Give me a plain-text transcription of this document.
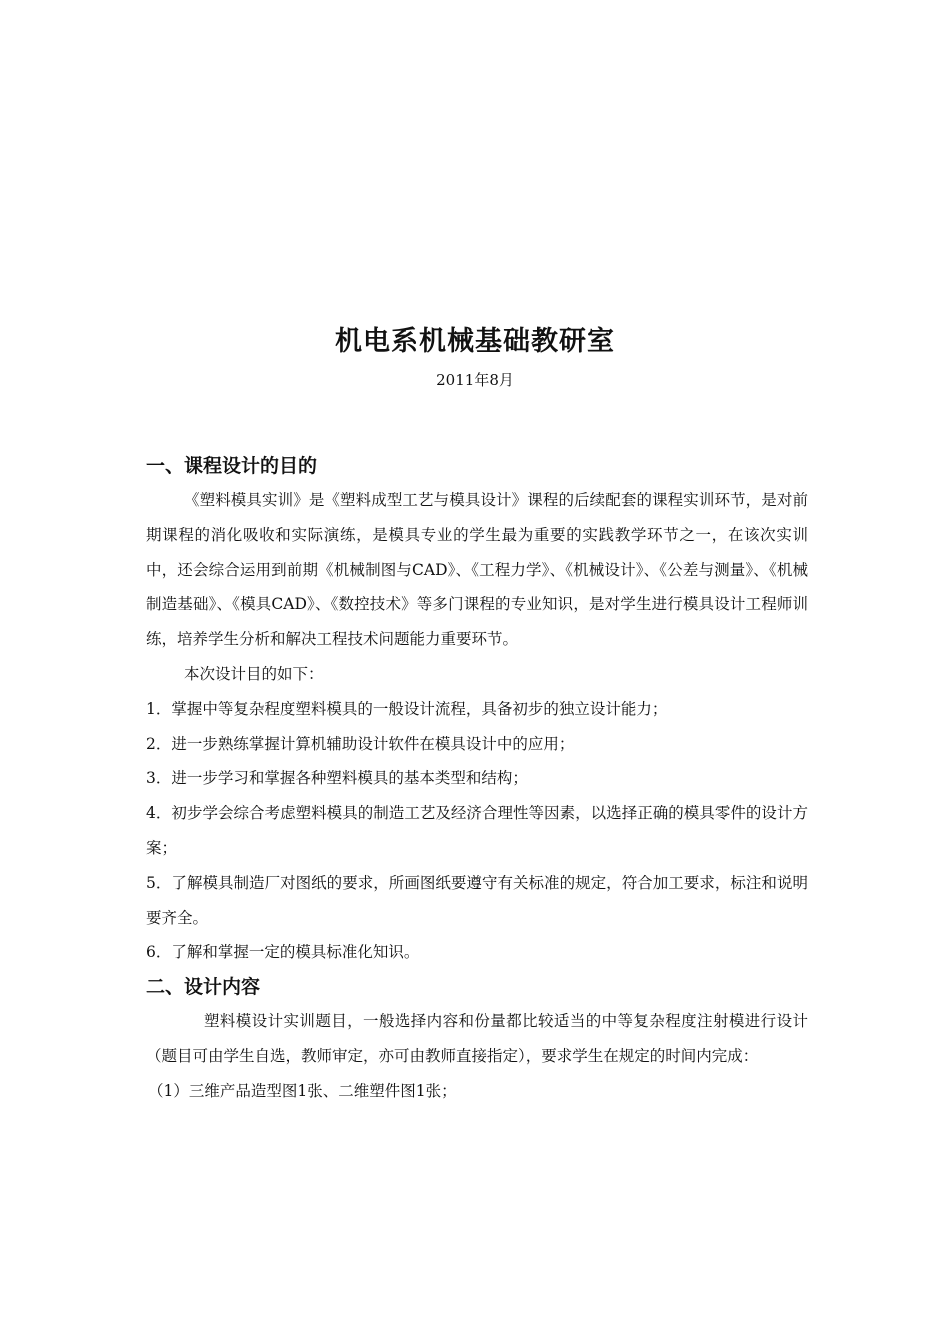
机电系机械基础教研室
2011年8月
一、课程设计的目的

《塑料模具实训》是《塑料成型工艺与模具设计》课程的后续配套的课程实训环节，是对前期课程的消化吸收和实际演练，是模具专业的学生最为重要的实践教学环节之一，在该次实训中，还会综合运用到前期《机械制图与CAD》、《工程力学》、《机械设计》、《公差与测量》、《机械制造基础》、《模具CAD》、《数控技术》等多门课程的专业知识，是对学生进行模具设计工程师训练，培养学生分析和解决工程技术问题能力重要环节。

本次设计目的如下：

1．掌握中等复杂程度塑料模具的一般设计流程，具备初步的独立设计能力；

2．进一步熟练掌握计算机辅助设计软件在模具设计中的应用；

3．进一步学习和掌握各种塑料模具的基本类型和结构；

4．初步学会综合考虑塑料模具的制造工艺及经济合理性等因素，以选择正确的模具零件的设计方案；

5．了解模具制造厂对图纸的要求，所画图纸要遵守有关标准的规定，符合加工要求，标注和说明要齐全。

6．了解和掌握一定的模具标准化知识。

二、设计内容

塑料模设计实训题目，一般选择内容和份量都比较适当的中等复杂程度注射模进行设计（题目可由学生自选，教师审定，亦可由教师直接指定），要求学生在规定的时间内完成：

（1）三维产品造型图1张、二维塑件图1张；
